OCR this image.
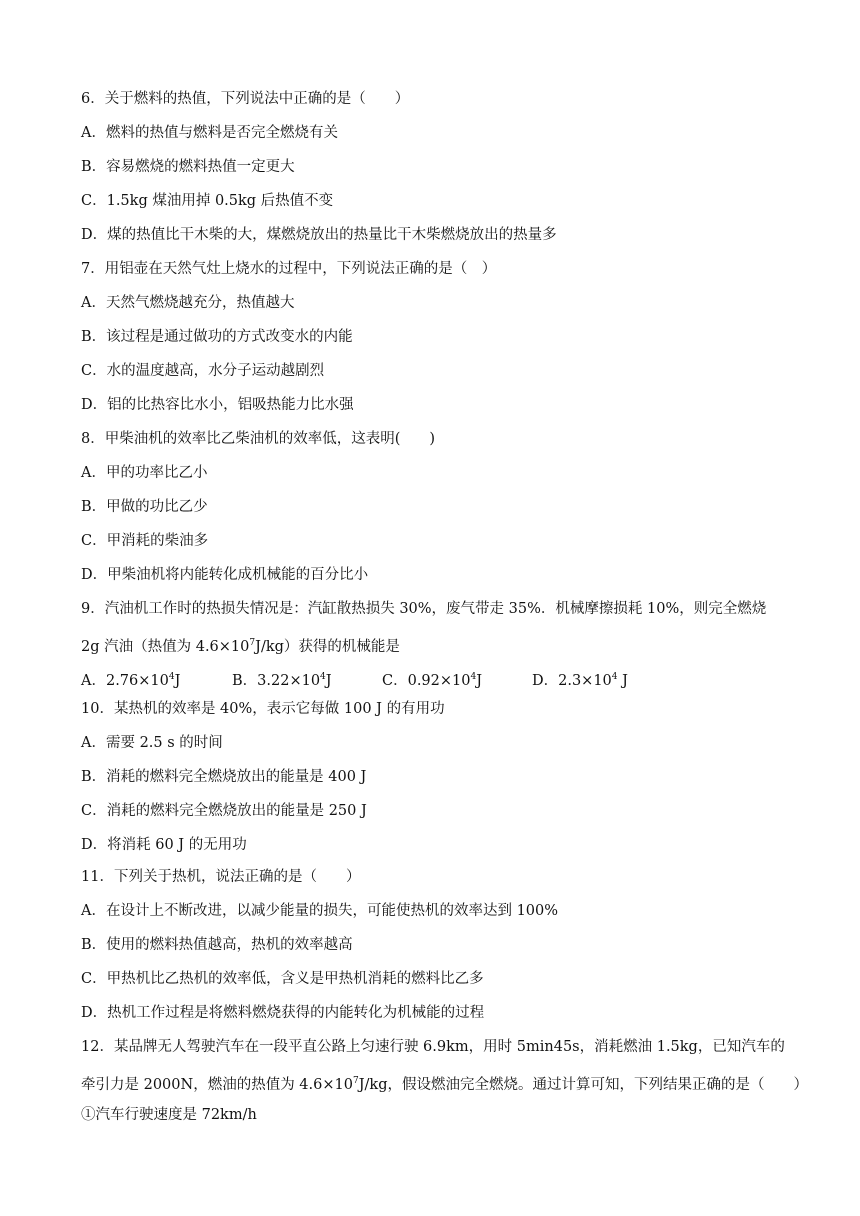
6．关于燃料的热值，下列说法中正确的是（　　）
A．燃料的热值与燃料是否完全燃烧有关
B．容易燃烧的燃料热值一定更大
C．1.5kg 煤油用掉 0.5kg 后热值不变
D．煤的热值比干木柴的大，煤燃烧放出的热量比干木柴燃烧放出的热量多
7．用铝壶在天然气灶上烧水的过程中，下列说法正确的是（　）
A．天然气燃烧越充分，热值越大
B．该过程是通过做功的方式改变水的内能
C．水的温度越高，水分子运动越剧烈
D．铝的比热容比水小，铝吸热能力比水强
8．甲柴油机的效率比乙柴油机的效率低，这表明(　　)
A．甲的功率比乙小
B．甲做的功比乙少
C．甲消耗的柴油多
D．甲柴油机将内能转化成机械能的百分比小
9．汽油机工作时的热损失情况是：汽缸散热损失 30%，废气带走 35%．机械摩擦损耗 10%，则完全燃烧
2g 汽油（热值为 $4.6\times 10^7J/kg$）获得的机械能是
A．$2.76\times 10^4J$	B．$3.22\times 10^4J$	C．$0.92\times 10^4J$	D．$2.3\times 10^4$ J
10．某热机的效率是 40%，表示它每做 100 J 的有用功
A．需要 2.5 s 的时间
B．消耗的燃料完全燃烧放出的能量是 400 J
C．消耗的燃料完全燃烧放出的能量是 250 J
D．将消耗 60 J 的无用功
11．下列关于热机，说法正确的是（　　）
A．在设计上不断改进，以减少能量的损失，可能使热机的效率达到 100%
B．使用的燃料热值越高，热机的效率越高
C．甲热机比乙热机的效率低，含义是甲热机消耗的燃料比乙多
D．热机工作过程是将燃料燃烧获得的内能转化为机械能的过程
12．某品牌无人驾驶汽车在一段平直公路上匀速行驶 6.9km，用时 5min45s，消耗燃油 1.5kg，已知汽车的
牵引力是 2000N，燃油的热值为 $4.6\times 10^7J/kg$，假设燃油完全燃烧。通过计算可知，下列结果正确的是（　　）
①汽车行驶速度是 72km/h
